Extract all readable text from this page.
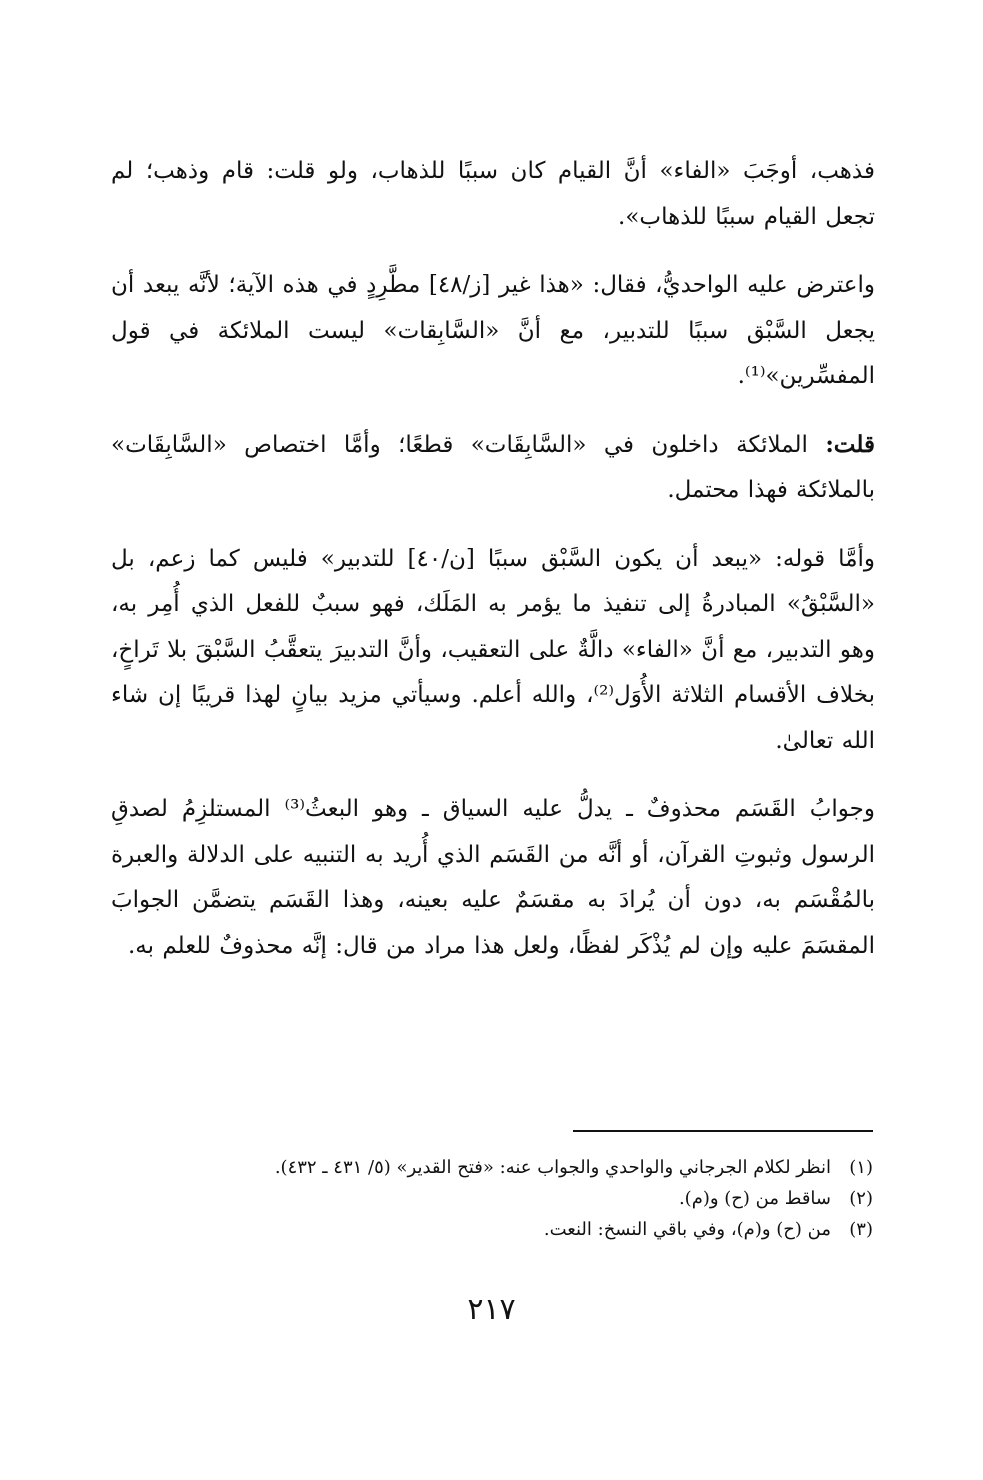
فذهب، أوجَبَ «الفاء» أنَّ القيام كان سببًا للذهاب، ولو قلت: قام وذهب؛ لم تجعل القيام سببًا للذهاب».

واعترض عليه الواحديُّ، فقال: «هذا غير [ز/٤٨] مطَّرِدٍ في هذه الآية؛ لأنَّه يبعد أن يجعل السَّبْق سببًا للتدبير، مع أنَّ «السَّابِقات» ليست الملائكة في قول المفسِّرين»⁽¹⁾.

قلت: الملائكة داخلون في «السَّابِقَات» قطعًا؛ وأمَّا اختصاص «السَّابِقَات» بالملائكة فهذا محتمل.

وأمَّا قوله: «يبعد أن يكون السَّبْق سببًا [ن/٤٠] للتدبير» فليس كما زعم، بل «السَّبْقُ» المبادرةُ إلى تنفيذ ما يؤمر به المَلَك، فهو سببٌ للفعل الذي أُمِر به، وهو التدبير، مع أنَّ «الفاء» دالَّةٌ على التعقيب، وأنَّ التدبيرَ يتعقَّبُ السَّبْقَ بلا تَراخٍ، بخلاف الأقسام الثلاثة الأُوَل⁽²⁾، والله أعلم. وسيأتي مزيد بيانٍ لهذا قريبًا إن شاء الله تعالىٰ.

وجوابُ القَسَم محذوفٌ ـ يدلُّ عليه السياق ـ وهو البعثُ⁽³⁾ المستلزِمُ لصدقِ الرسول وثبوتِ القرآن، أو أنَّه من القَسَم الذي أُريد به التنبيه على الدلالة والعبرة بالمُقْسَم به، دون أن يُرادَ به مقسَمٌ عليه بعينه، وهذا القَسَم يتضمَّن الجوابَ المقسَمَ عليه وإن لم يُذْكَر لفظًا، ولعل هذا مراد من قال: إنَّه محذوفٌ للعلم به.

(١)
انظر لكلام الجرجاني والواحدي والجواب عنه: «فتح القدير» (٥/ ٤٣١ ـ ٤٣٢).
(٢)
ساقط من (ح) و(م).
(٣)
من (ح) و(م)، وفي باقي النسخ: النعت.
٢١٧
